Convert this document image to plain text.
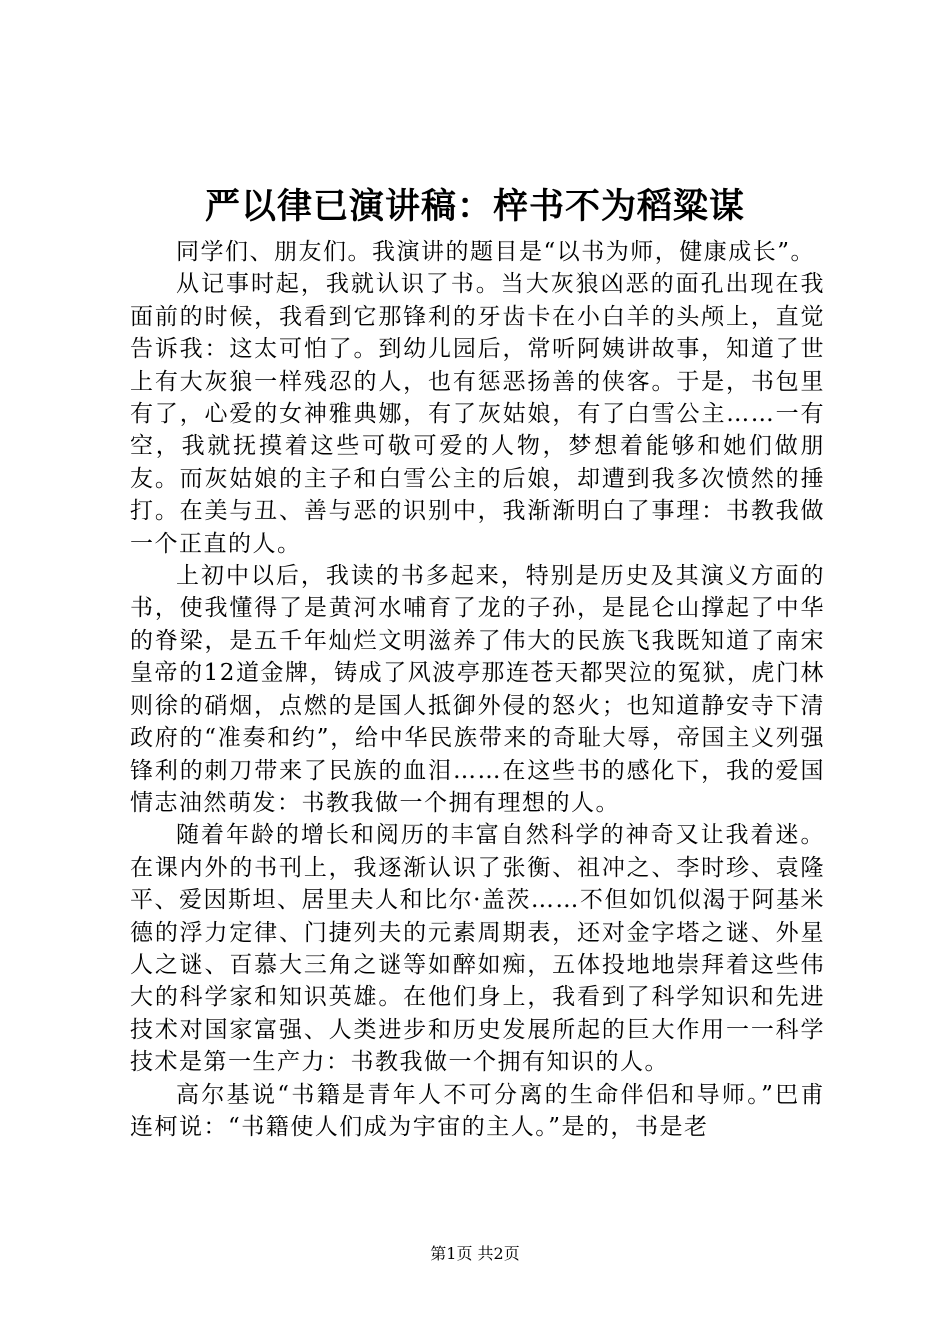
严以律已演讲稿：梓书不为稻粱谋

同学们、朋友们。我演讲的题目是“以书为师，健康成长”。

从记事时起，我就认识了书。当大灰狼凶恶的面孔出现在我面前的时候，我看到它那锋利的牙齿卡在小白羊的头颅上，直觉告诉我：这太可怕了。到幼儿园后，常听阿姨讲故事，知道了世上有大灰狼一样残忍的人，也有惩恶扬善的侠客。于是，书包里有了，心爱的女神雅典娜，有了灰姑娘，有了白雪公主……一有空，我就抚摸着这些可敬可爱的人物，梦想着能够和她们做朋友。而灰姑娘的主子和白雪公主的后娘，却遭到我多次愤然的捶打。在美与丑、善与恶的识别中，我渐渐明白了事理：书教我做一个正直的人。

上初中以后，我读的书多起来，特别是历史及其演义方面的书，使我懂得了是黄河水哺育了龙的子孙，是昆仑山撑起了中华的脊梁，是五千年灿烂文明滋养了伟大的民族飞我既知道了南宋皇帝的12道金牌，铸成了风波亭那连苍天都哭泣的冤狱，虎门林则徐的硝烟，点燃的是国人抵御外侵的怒火；也知道静安寺下清政府的“准奏和约”，给中华民族带来的奇耻大辱，帝国主义列强锋利的刺刀带来了民族的血泪……在这些书的感化下，我的爱国情志油然萌发：书教我做一个拥有理想的人。

随着年龄的增长和阅历的丰富自然科学的神奇又让我着迷。在课内外的书刊上，我逐渐认识了张衡、祖冲之、李时珍、袁隆平、爱因斯坦、居里夫人和比尔·盖茨……不但如饥似渴于阿基米德的浮力定律、门捷列夫的元素周期表，还对金字塔之谜、外星人之谜、百慕大三角之谜等如醉如痴，五体投地地崇拜着这些伟大的科学家和知识英雄。在他们身上，我看到了科学知识和先进技术对国家富强、人类进步和历史发展所起的巨大作用一一科学技术是第一生产力：书教我做一个拥有知识的人。

高尔基说“书籍是青年人不可分离的生命伴侣和导师。”巴甫连柯说：“书籍使人们成为宇宙的主人。”是的，书是老

第1页 共2页
